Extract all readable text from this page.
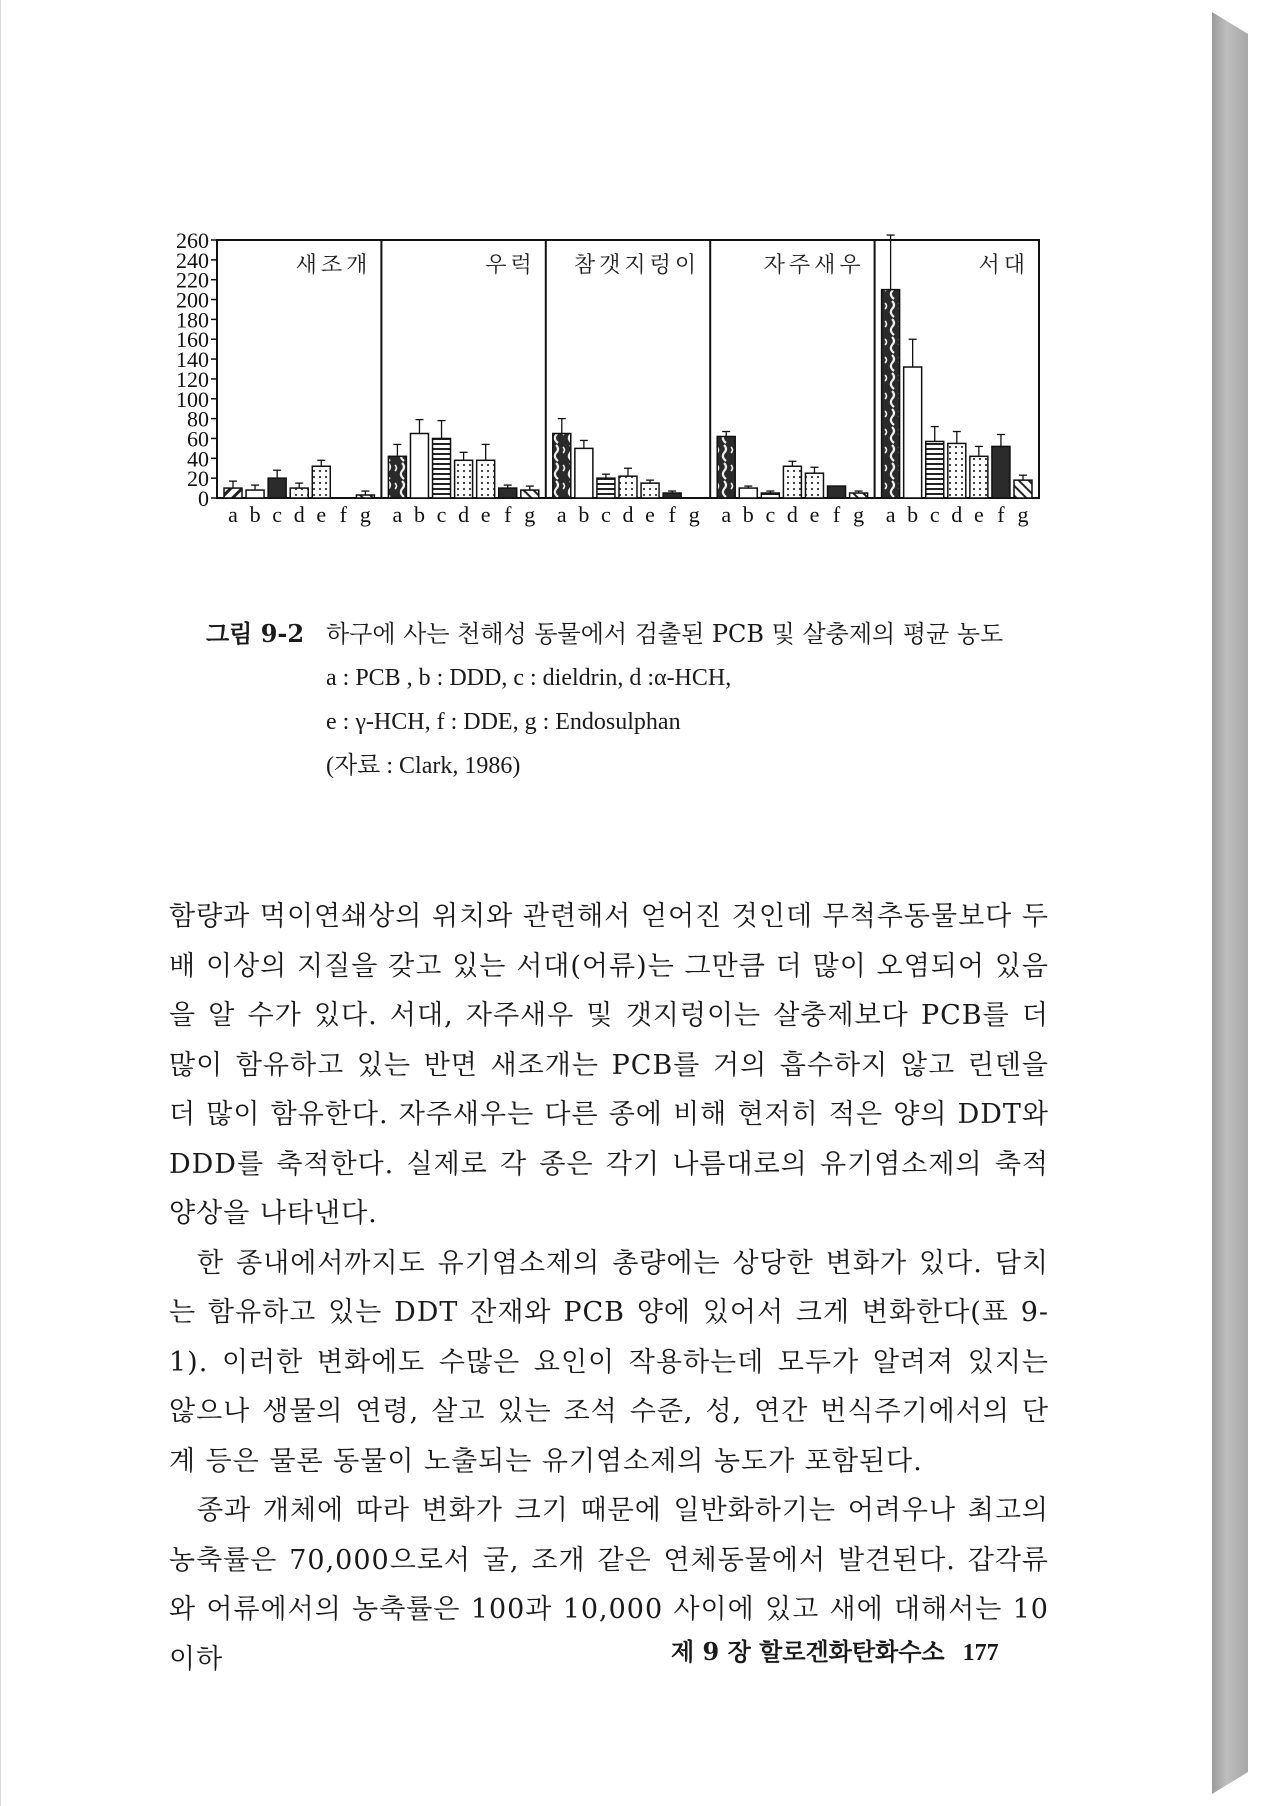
0
20
40
60
80
100
120
140
160
180
200
220
240
260
새조개
a b c d e f g
우럭
a b c d e f g
참갯지렁이
a b c d e f g
자주새우
a b c d e f g
서대
a b c d e f g
그림 9-2 하구에 사는 천해성 동물에서 검출된 PCB 및 살충제의 평균 농도
a : PCB , b : DDD, c : dieldrin, d :α-HCH,
e : γ-HCH, f : DDE, g : Endosulphan
(자료 : Clark, 1986)

함량과 먹이연쇄상의 위치와 관련해서 얻어진 것인데 무척추동물보다 두 배 이상의 지질을 갖고 있는 서대(어류)는 그만큼 더 많이 오염되어 있음을 알 수가 있다. 서대, 자주새우 및 갯지렁이는 살충제보다 PCB를 더 많이 함유하고 있는 반면 새조개는 PCB를 거의 흡수하지 않고 린덴을 더 많이 함유한다. 자주새우는 다른 종에 비해 현저히 적은 양의 DDT와 DDD를 축적한다. 실제로 각 종은 각기 나름대로의 유기염소제의 축적양상을 나타낸다.

한 종내에서까지도 유기염소제의 총량에는 상당한 변화가 있다. 담치는 함유하고 있는 DDT 잔재와 PCB 양에 있어서 크게 변화한다(표 9-1). 이러한 변화에도 수많은 요인이 작용하는데 모두가 알려져 있지는 않으나 생물의 연령, 살고 있는 조석 수준, 성, 연간 번식주기에서의 단계 등은 물론 동물이 노출되는 유기염소제의 농도가 포함된다.

종과 개체에 따라 변화가 크기 때문에 일반화하기는 어려우나 최고의 농축률은 70,000으로서 굴, 조개 같은 연체동물에서 발견된다. 갑각류와 어류에서의 농축률은 100과 10,000 사이에 있고 새에 대해서는 10 이하	제 9 장 할로겐화탄화수소 177
